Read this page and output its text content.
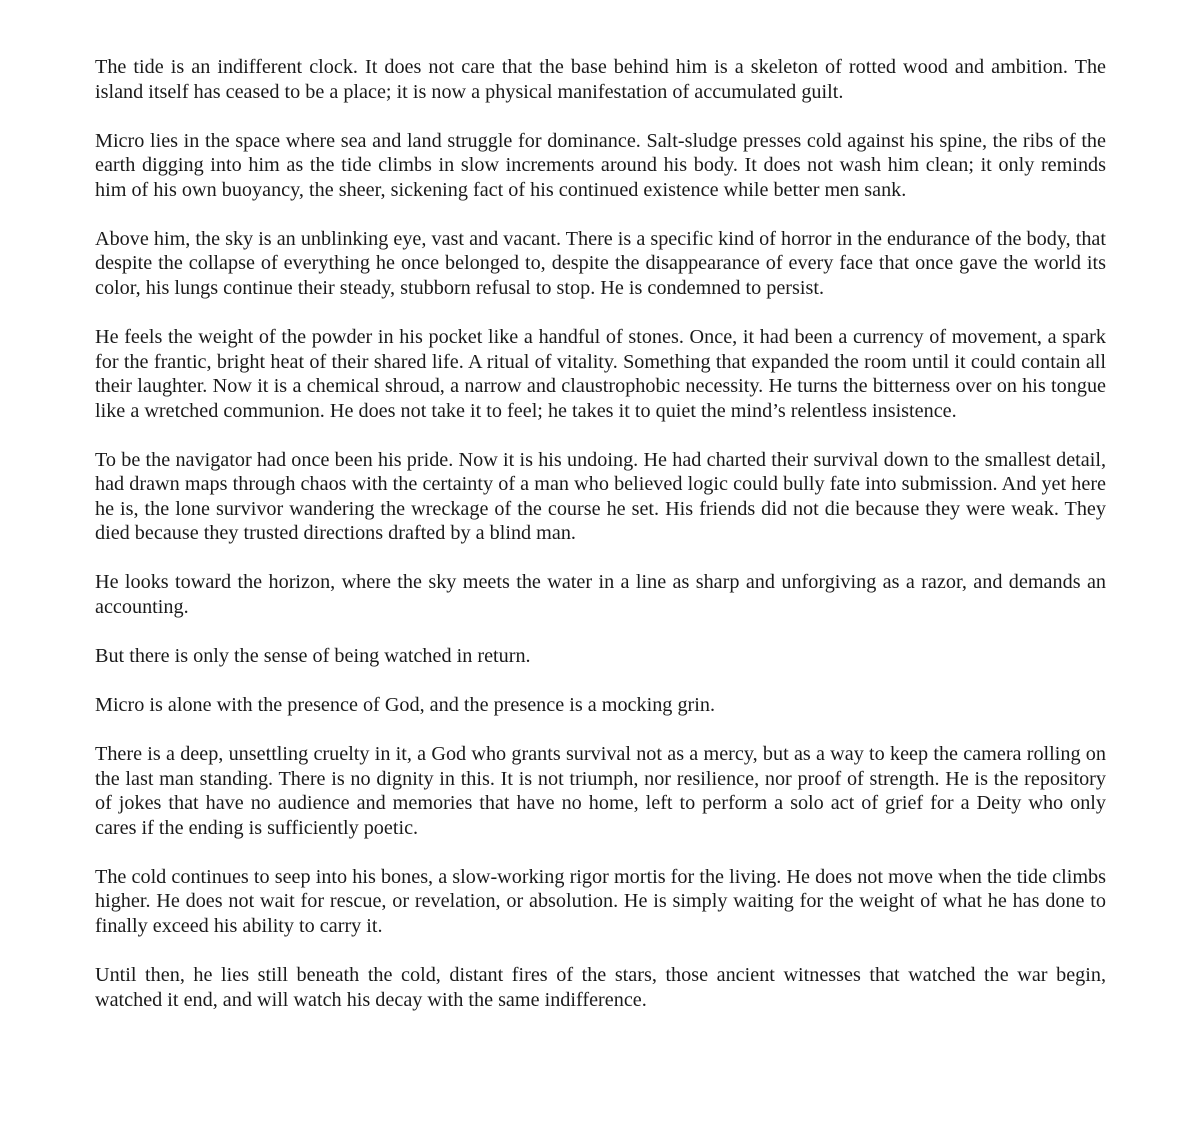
The tide is an indifferent clock. It does not care that the base behind him is a skeleton of rotted wood and ambition. The island itself has ceased to be a place; it is now a physical manifestation of accumulated guilt.

Micro lies in the space where sea and land struggle for dominance. Salt-sludge presses cold against his spine, the ribs of the earth digging into him as the tide climbs in slow increments around his body. It does not wash him clean; it only reminds him of his own buoyancy, the sheer, sickening fact of his continued existence while better men sank.

Above him, the sky is an unblinking eye, vast and vacant. There is a specific kind of horror in the endurance of the body, that despite the collapse of everything he once belonged to, despite the disappearance of every face that once gave the world its color, his lungs continue their steady, stubborn refusal to stop. He is condemned to persist.

He feels the weight of the powder in his pocket like a handful of stones. Once, it had been a currency of movement, a spark for the frantic, bright heat of their shared life. A ritual of vitality. Something that expanded the room until it could contain all their laughter. Now it is a chemical shroud, a narrow and claustrophobic necessity. He turns the bitterness over on his tongue like a wretched communion. He does not take it to feel; he takes it to quiet the mind’s relentless insistence.

To be the navigator had once been his pride. Now it is his undoing. He had charted their survival down to the smallest detail, had drawn maps through chaos with the certainty of a man who believed logic could bully fate into submission. And yet here he is, the lone survivor wandering the wreckage of the course he set. His friends did not die because they were weak. They died because they trusted directions drafted by a blind man.

He looks toward the horizon, where the sky meets the water in a line as sharp and unforgiving as a razor, and demands an accounting.

But there is only the sense of being watched in return.

Micro is alone with the presence of God, and the presence is a mocking grin.

There is a deep, unsettling cruelty in it, a God who grants survival not as a mercy, but as a way to keep the camera rolling on the last man standing. There is no dignity in this. It is not triumph, nor resilience, nor proof of strength. He is the repository of jokes that have no audience and memories that have no home, left to perform a solo act of grief for a Deity who only cares if the ending is sufficiently poetic.

The cold continues to seep into his bones, a slow-working rigor mortis for the living. He does not move when the tide climbs higher. He does not wait for rescue, or revelation, or absolution. He is simply waiting for the weight of what he has done to finally exceed his ability to carry it.

Until then, he lies still beneath the cold, distant fires of the stars, those ancient witnesses that watched the war begin, watched it end, and will watch his decay with the same indifference.
